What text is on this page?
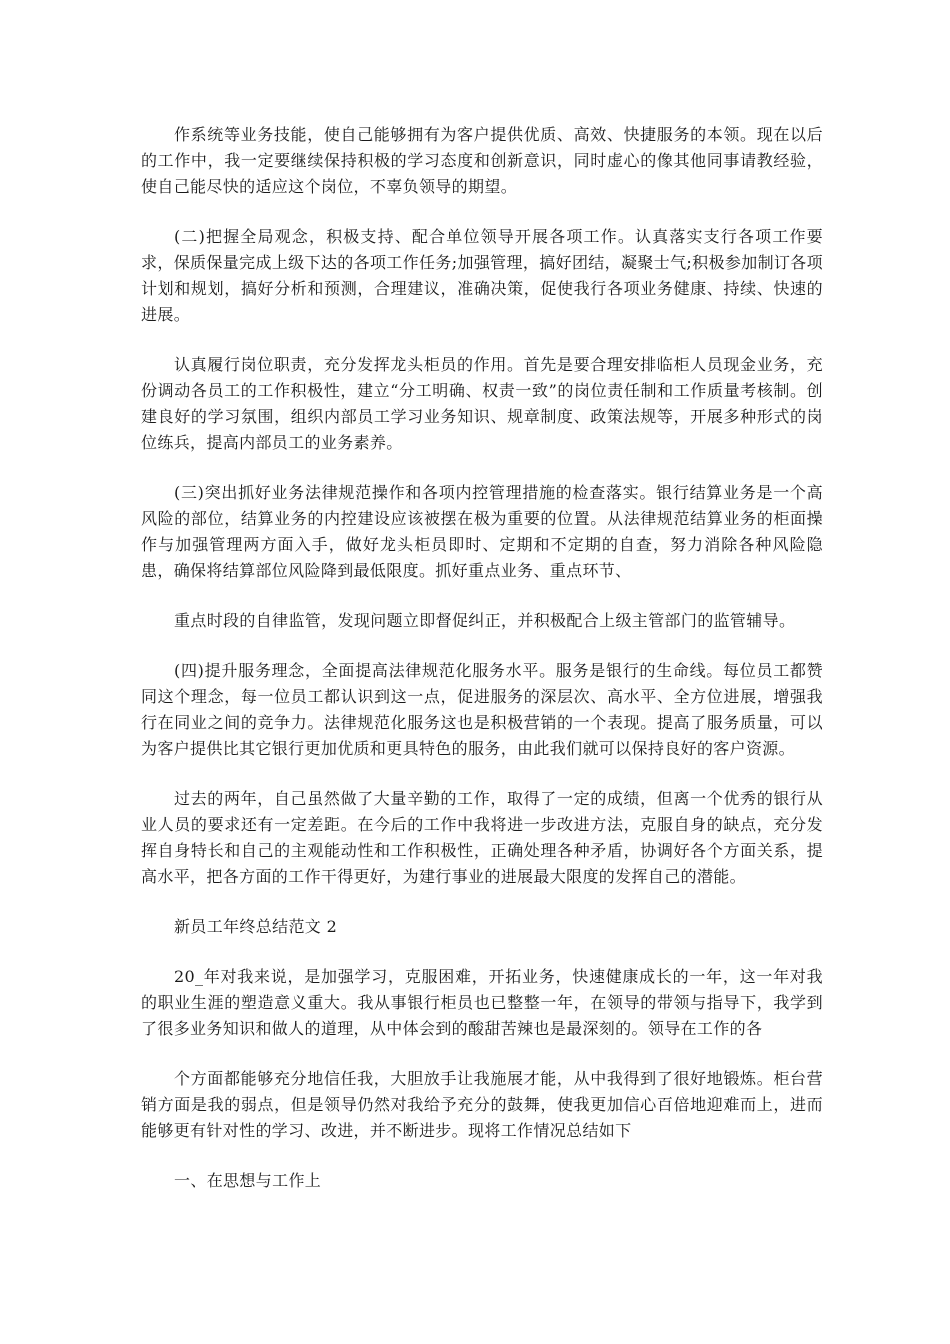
作系统等业务技能，使自己能够拥有为客户提供优质、高效、快捷服务的本领。现在以后的工作中，我一定要继续保持积极的学习态度和创新意识，同时虚心的像其他同事请教经验，使自己能尽快的适应这个岗位，不辜负领导的期望。

(二)把握全局观念，积极支持、配合单位领导开展各项工作。认真落实支行各项工作要求，保质保量完成上级下达的各项工作任务;加强管理，搞好团结，凝聚士气;积极参加制订各项计划和规划，搞好分析和预测，合理建议，准确决策，促使我行各项业务健康、持续、快速的进展。

认真履行岗位职责，充分发挥龙头柜员的作用。首先是要合理安排临柜人员现金业务，充份调动各员工的工作积极性，建立“分工明确、权责一致”的岗位责任制和工作质量考核制。创建良好的学习氛围，组织内部员工学习业务知识、规章制度、政策法规等，开展多种形式的岗位练兵，提高内部员工的业务素养。

(三)突出抓好业务法律规范操作和各项内控管理措施的检查落实。银行结算业务是一个高风险的部位，结算业务的内控建设应该被摆在极为重要的位置。从法律规范结算业务的柜面操作与加强管理两方面入手，做好龙头柜员即时、定期和不定期的自查，努力消除各种风险隐患，确保将结算部位风险降到最低限度。抓好重点业务、重点环节、

重点时段的自律监管，发现问题立即督促纠正，并积极配合上级主管部门的监管辅导。

(四)提升服务理念，全面提高法律规范化服务水平。服务是银行的生命线。每位员工都赞同这个理念，每一位员工都认识到这一点，促进服务的深层次、高水平、全方位进展，增强我行在同业之间的竞争力。法律规范化服务这也是积极营销的一个表现。提高了服务质量，可以为客户提供比其它银行更加优质和更具特色的服务，由此我们就可以保持良好的客户资源。

过去的两年，自己虽然做了大量辛勤的工作，取得了一定的成绩，但离一个优秀的银行从业人员的要求还有一定差距。在今后的工作中我将进一步改进方法，克服自身的缺点，充分发挥自身特长和自己的主观能动性和工作积极性，正确处理各种矛盾，协调好各个方面关系，提高水平，把各方面的工作干得更好，为建行事业的进展最大限度的发挥自己的潜能。

新员工年终总结范文 2

20_年对我来说，是加强学习，克服困难，开拓业务，快速健康成长的一年，这一年对我的职业生涯的塑造意义重大。我从事银行柜员也已整整一年，在领导的带领与指导下，我学到了很多业务知识和做人的道理，从中体会到的酸甜苦辣也是最深刻的。领导在工作的各

个方面都能够充分地信任我，大胆放手让我施展才能，从中我得到了很好地锻炼。柜台营销方面是我的弱点，但是领导仍然对我给予充分的鼓舞，使我更加信心百倍地迎难而上，进而能够更有针对性的学习、改进，并不断进步。现将工作情况总结如下

一、在思想与工作上
